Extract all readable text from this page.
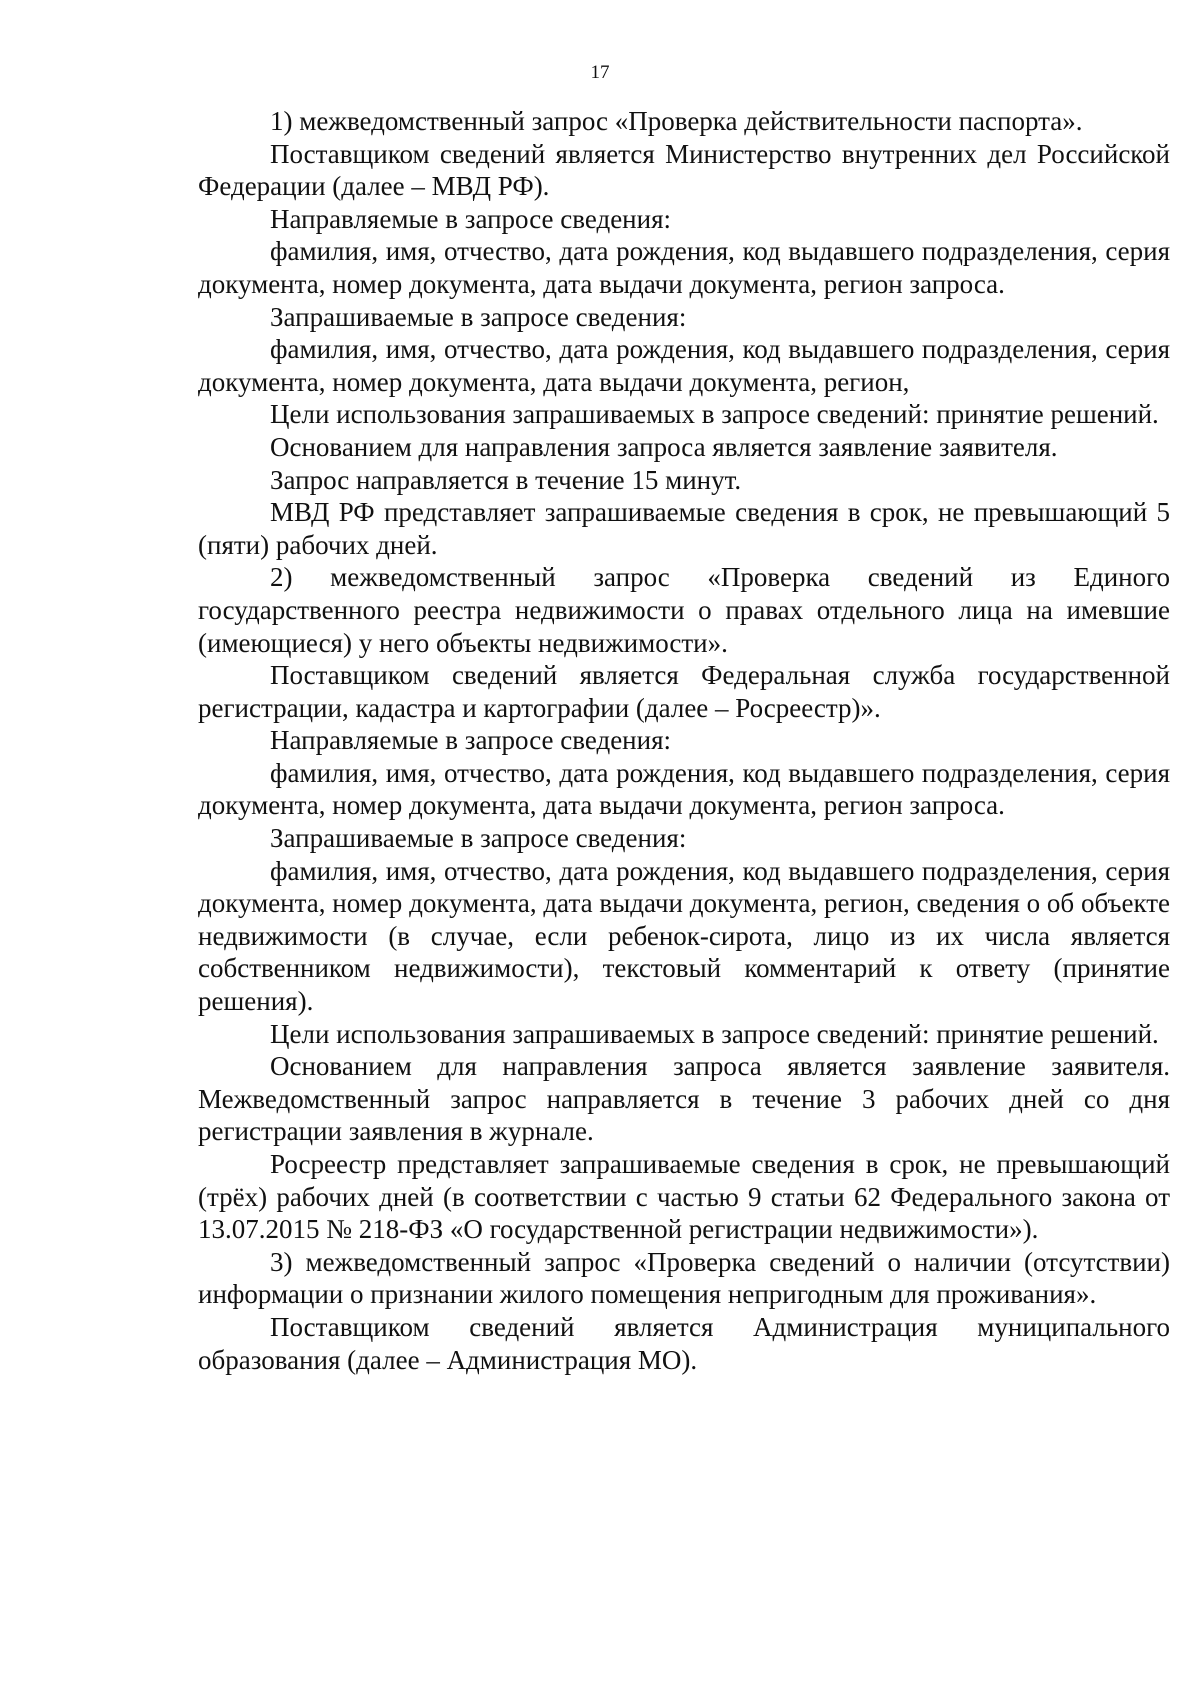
17

1) межведомственный запрос «Проверка действительности паспорта».

Поставщиком сведений является Министерство внутренних дел Российской Федерации (далее – МВД РФ).

Направляемые в запросе сведения:

фамилия, имя, отчество, дата рождения, код выдавшего подразделения, серия документа, номер документа, дата выдачи документа, регион запроса.

Запрашиваемые в запросе сведения:

фамилия, имя, отчество, дата рождения, код выдавшего подразделения, серия документа, номер документа, дата выдачи документа, регион,

Цели использования запрашиваемых в запросе сведений: принятие решений.

Основанием для направления запроса является заявление заявителя.

Запрос направляется в течение 15 минут.

МВД РФ представляет запрашиваемые сведения в срок, не превышающий 5 (пяти) рабочих дней.

2) межведомственный запрос «Проверка сведений из Единого государственного реестра недвижимости о правах отдельного лица на имевшие (имеющиеся) у него объекты недвижимости».

Поставщиком сведений является Федеральная служба государственной регистрации, кадастра и картографии (далее – Росреестр)».

Направляемые в запросе сведения:

фамилия, имя, отчество, дата рождения, код выдавшего подразделения, серия документа, номер документа, дата выдачи документа, регион запроса.

Запрашиваемые в запросе сведения:

фамилия, имя, отчество, дата рождения, код выдавшего подразделения, серия документа, номер документа, дата выдачи документа, регион, сведения о об объекте недвижимости (в случае, если ребенок-сирота, лицо из их числа является собственником недвижимости), текстовый комментарий к ответу (принятие решения).

Цели использования запрашиваемых в запросе сведений: принятие решений.

Основанием для направления запроса является заявление заявителя. Межведомственный запрос направляется в течение 3 рабочих дней со дня регистрации заявления в журнале.

Росреестр представляет запрашиваемые сведения в срок, не превышающий (трёх) рабочих дней (в соответствии с частью 9 статьи 62 Федерального закона от 13.07.2015 № 218-ФЗ «О государственной регистрации недвижимости»).

3) межведомственный запрос «Проверка сведений о наличии (отсутствии) информации о признании жилого помещения непригодным для проживания».

Поставщиком сведений является Администрация муниципального образования (далее – Администрация МО).
